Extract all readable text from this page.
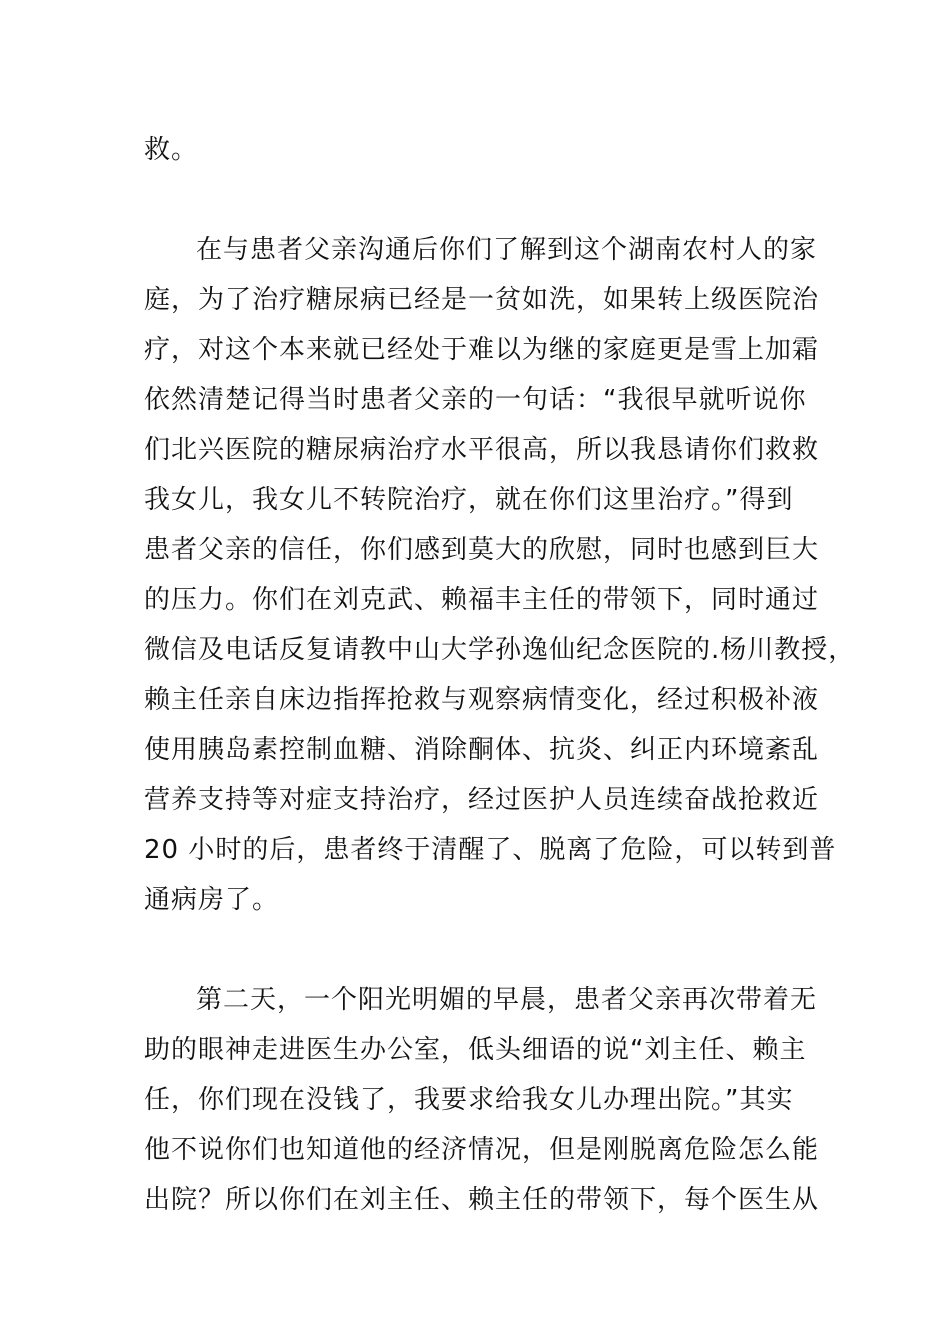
救。
在与患者父亲沟通后你们了解到这个湖南农村人的家
庭，为了治疗糖尿病已经是一贫如洗，如果转上级医院治
疗，对这个本来就已经处于难以为继的家庭更是雪上加霜
依然清楚记得当时患者父亲的一句话：“我很早就听说你
们北兴医院的糖尿病治疗水平很高，所以我恳请你们救救
我女儿，我女儿不转院治疗，就在你们这里治疗。”得到
患者父亲的信任，你们感到莫大的欣慰，同时也感到巨大
的压力。你们在刘克武、赖福丰主任的带领下，同时通过
微信及电话反复请教中山大学孙逸仙纪念医院的.杨川教授，
赖主任亲自床边指挥抢救与观察病情变化，经过积极补液
使用胰岛素控制血糖、消除酮体、抗炎、纠正内环境紊乱
营养支持等对症支持治疗，经过医护人员连续奋战抢救近
20 小时的后，患者终于清醒了、脱离了危险，可以转到普
通病房了。
第二天，一个阳光明媚的早晨，患者父亲再次带着无
助的眼神走进医生办公室，低头细语的说“刘主任、赖主
任，你们现在没钱了，我要求给我女儿办理出院。”其实
他不说你们也知道他的经济情况，但是刚脱离危险怎么能
出院？所以你们在刘主任、赖主任的带领下，每个医生从
